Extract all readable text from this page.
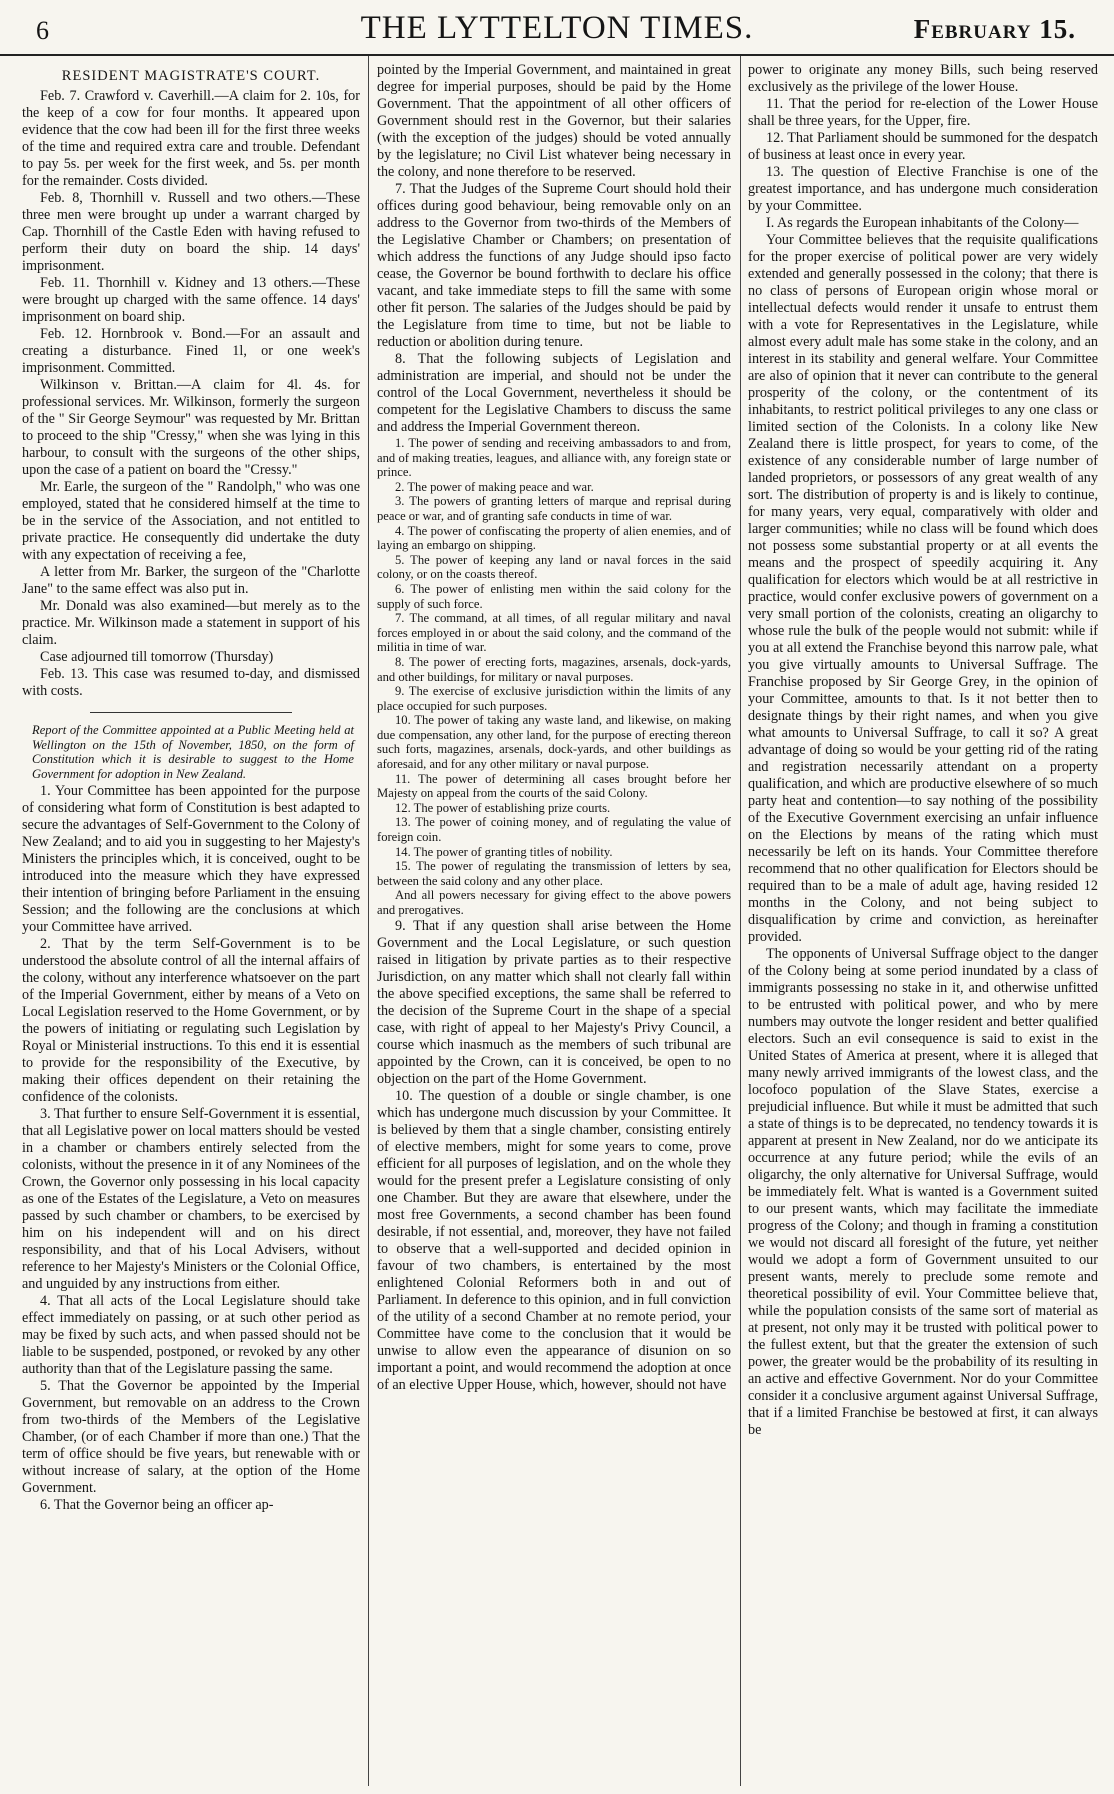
6	THE LYTTELTON TIMES.	February 15.

RESIDENT MAGISTRATE'S COURT.

Feb. 7. Crawford v. Caverhill.—A claim for 2. 10s, for the keep of a cow for four months. It appeared upon evidence that the cow had been ill for the first three weeks of the time and required extra care and trouble. Defendant to pay 5s. per week for the first week, and 5s. per month for the remainder. Costs divided.

Feb. 8, Thornhill v. Russell and two others.—These three men were brought up under a warrant charged by Cap. Thornhill of the Castle Eden with having refused to perform their duty on board the ship. 14 days' imprisonment.

Feb. 11. Thornhill v. Kidney and 13 others.—These were brought up charged with the same offence. 14 days' imprisonment on board ship.

Feb. 12. Hornbrook v. Bond.—For an assault and creating a disturbance. Fined 1l, or one week's imprisonment. Committed.

Wilkinson v. Brittan.—A claim for 4l. 4s. for professional services. Mr. Wilkinson, formerly the surgeon of the " Sir George Seymour" was requested by Mr. Brittan to proceed to the ship "Cressy," when she was lying in this harbour, to consult with the surgeons of the other ships, upon the case of a patient on board the "Cressy."

Mr. Earle, the surgeon of the " Randolph," who was one employed, stated that he considered himself at the time to be in the service of the Association, and not entitled to private practice. He consequently did undertake the duty with any expectation of receiving a fee,

A letter from Mr. Barker, the surgeon of the "Charlotte Jane" to the same effect was also put in.

Mr. Donald was also examined—but merely as to the practice. Mr. Wilkinson made a statement in support of his claim.

Case adjourned till tomorrow (Thursday)

Feb. 13. This case was resumed to-day, and dismissed with costs.

Report of the Committee appointed at a Public Meeting held at Wellington on the 15th of November, 1850, on the form of Constitution which it is desirable to suggest to the Home Government for adoption in New Zealand.

1. Your Committee has been appointed for the purpose of considering what form of Constitution is best adapted to secure the advantages of Self-Government to the Colony of New Zealand; and to aid you in suggesting to her Majesty's Ministers the principles which, it is conceived, ought to be introduced into the measure which they have expressed their intention of bringing before Parliament in the ensuing Session; and the following are the conclusions at which your Committee have arrived.

2. That by the term Self-Government is to be understood the absolute control of all the internal affairs of the colony, without any interference whatsoever on the part of the Imperial Government, either by means of a Veto on Local Legislation reserved to the Home Government, or by the powers of initiating or regulating such Legislation by Royal or Ministerial instructions. To this end it is essential to provide for the responsibility of the Executive, by making their offices dependent on their retaining the confidence of the colonists.

3. That further to ensure Self-Government it is essential, that all Legislative power on local matters should be vested in a chamber or chambers entirely selected from the colonists, without the presence in it of any Nominees of the Crown, the Governor only possessing in his local capacity as one of the Estates of the Legislature, a Veto on measures passed by such chamber or chambers, to be exercised by him on his independent will and on his direct responsibility, and that of his Local Advisers, without reference to her Majesty's Ministers or the Colonial Office, and unguided by any instructions from either.

4. That all acts of the Local Legislature should take effect immediately on passing, or at such other period as may be fixed by such acts, and when passed should not be liable to be suspended, postponed, or revoked by any other authority than that of the Legislature passing the same.

5. That the Governor be appointed by the Imperial Government, but removable on an address to the Crown from two-thirds of the Members of the Legislative Chamber, (or of each Chamber if more than one.) That the term of office should be five years, but renewable with or without increase of salary, at the option of the Home Government.

6. That the Governor being an officer ap-

pointed by the Imperial Government, and maintained in great degree for imperial purposes, should be paid by the Home Government. That the appointment of all other officers of Government should rest in the Governor, but their salaries (with the exception of the judges) should be voted annually by the legislature; no Civil List whatever being necessary in the colony, and none therefore to be reserved.

7. That the Judges of the Supreme Court should hold their offices during good behaviour, being removable only on an address to the Governor from two-thirds of the Members of the Legislative Chamber or Chambers; on presentation of which address the functions of any Judge should ipso facto cease, the Governor be bound forthwith to declare his office vacant, and take immediate steps to fill the same with some other fit person. The salaries of the Judges should be paid by the Legislature from time to time, but not be liable to reduction or abolition during tenure.

8. That the following subjects of Legislation and administration are imperial, and should not be under the control of the Local Government, nevertheless it should be competent for the Legislative Chambers to discuss the same and address the Imperial Government thereon.

1. The power of sending and receiving ambassadors to and from, and of making treaties, leagues, and alliance with, any foreign state or prince.

2. The power of making peace and war.

3. The powers of granting letters of marque and reprisal during peace or war, and of granting safe conducts in time of war.

4. The power of confiscating the property of alien enemies, and of laying an embargo on shipping.

5. The power of keeping any land or naval forces in the said colony, or on the coasts thereof.

6. The power of enlisting men within the said colony for the supply of such force.

7. The command, at all times, of all regular military and naval forces employed in or about the said colony, and the command of the militia in time of war.

8. The power of erecting forts, magazines, arsenals, dock-yards, and other buildings, for military or naval purposes.

9. The exercise of exclusive jurisdiction within the limits of any place occupied for such purposes.

10. The power of taking any waste land, and likewise, on making due compensation, any other land, for the purpose of erecting thereon such forts, magazines, arsenals, dock-yards, and other buildings as aforesaid, and for any other military or naval purpose.

11. The power of determining all cases brought before her Majesty on appeal from the courts of the said Colony.

12. The power of establishing prize courts.

13. The power of coining money, and of regulating the value of foreign coin.

14. The power of granting titles of nobility.

15. The power of regulating the transmission of letters by sea, between the said colony and any other place.

And all powers necessary for giving effect to the above powers and prerogatives.

9. That if any question shall arise between the Home Government and the Local Legislature, or such question raised in litigation by private parties as to their respective Jurisdiction, on any matter which shall not clearly fall within the above specified exceptions, the same shall be referred to the decision of the Supreme Court in the shape of a special case, with right of appeal to her Majesty's Privy Council, a course which inasmuch as the members of such tribunal are appointed by the Crown, can it is conceived, be open to no objection on the part of the Home Government.

10. The question of a double or single chamber, is one which has undergone much discussion by your Committee. It is believed by them that a single chamber, consisting entirely of elective members, might for some years to come, prove efficient for all purposes of legislation, and on the whole they would for the present prefer a Legislature consisting of only one Chamber. But they are aware that elsewhere, under the most free Governments, a second chamber has been found desirable, if not essential, and, moreover, they have not failed to observe that a well-supported and decided opinion in favour of two chambers, is entertained by the most enlightened Colonial Reformers both in and out of Parliament. In deference to this opinion, and in full conviction of the utility of a second Chamber at no remote period, your Committee have come to the conclusion that it would be unwise to allow even the appearance of disunion on so important a point, and would recommend the adoption at once of an elective Upper House, which, however, should not have

power to originate any money Bills, such being reserved exclusively as the privilege of the lower House.

11. That the period for re-election of the Lower House shall be three years, for the Upper, fire.

12. That Parliament should be summoned for the despatch of business at least once in every year.

13. The question of Elective Franchise is one of the greatest importance, and has undergone much consideration by your Committee.

I. As regards the European inhabitants of the Colony—

Your Committee believes that the requisite qualifications for the proper exercise of political power are very widely extended and generally possessed in the colony; that there is no class of persons of European origin whose moral or intellectual defects would render it unsafe to entrust them with a vote for Representatives in the Legislature, while almost every adult male has some stake in the colony, and an interest in its stability and general welfare. Your Committee are also of opinion that it never can contribute to the general prosperity of the colony, or the contentment of its inhabitants, to restrict political privileges to any one class or limited section of the Colonists. In a colony like New Zealand there is little prospect, for years to come, of the existence of any considerable number of large number of landed proprietors, or possessors of any great wealth of any sort. The distribution of property is and is likely to continue, for many years, very equal, comparatively with older and larger communities; while no class will be found which does not possess some substantial property or at all events the means and the prospect of speedily acquiring it. Any qualification for electors which would be at all restrictive in practice, would confer exclusive powers of government on a very small portion of the colonists, creating an oligarchy to whose rule the bulk of the people would not submit: while if you at all extend the Franchise beyond this narrow pale, what you give virtually amounts to Universal Suffrage. The Franchise proposed by Sir George Grey, in the opinion of your Committee, amounts to that. Is it not better then to designate things by their right names, and when you give what amounts to Universal Suffrage, to call it so? A great advantage of doing so would be your getting rid of the rating and registration necessarily attendant on a property qualification, and which are productive elsewhere of so much party heat and contention—to say nothing of the possibility of the Executive Government exercising an unfair influence on the Elections by means of the rating which must necessarily be left on its hands. Your Committee therefore recommend that no other qualification for Electors should be required than to be a male of adult age, having resided 12 months in the Colony, and not being subject to disqualification by crime and conviction, as hereinafter provided.

The opponents of Universal Suffrage object to the danger of the Colony being at some period inundated by a class of immigrants possessing no stake in it, and otherwise unfitted to be entrusted with political power, and who by mere numbers may outvote the longer resident and better qualified electors. Such an evil consequence is said to exist in the United States of America at present, where it is alleged that many newly arrived immigrants of the lowest class, and the locofoco population of the Slave States, exercise a prejudicial influence. But while it must be admitted that such a state of things is to be deprecated, no tendency towards it is apparent at present in New Zealand, nor do we anticipate its occurrence at any future period; while the evils of an oligarchy, the only alternative for Universal Suffrage, would be immediately felt. What is wanted is a Government suited to our present wants, which may facilitate the immediate progress of the Colony; and though in framing a constitution we would not discard all foresight of the future, yet neither would we adopt a form of Government unsuited to our present wants, merely to preclude some remote and theoretical possibility of evil. Your Committee believe that, while the population consists of the same sort of material as at present, not only may it be trusted with political power to the fullest extent, but that the greater the extension of such power, the greater would be the probability of its resulting in an active and effective Government. Nor do your Committee consider it a conclusive argument against Universal Suffrage, that if a limited Franchise be bestowed at first, it can always be
